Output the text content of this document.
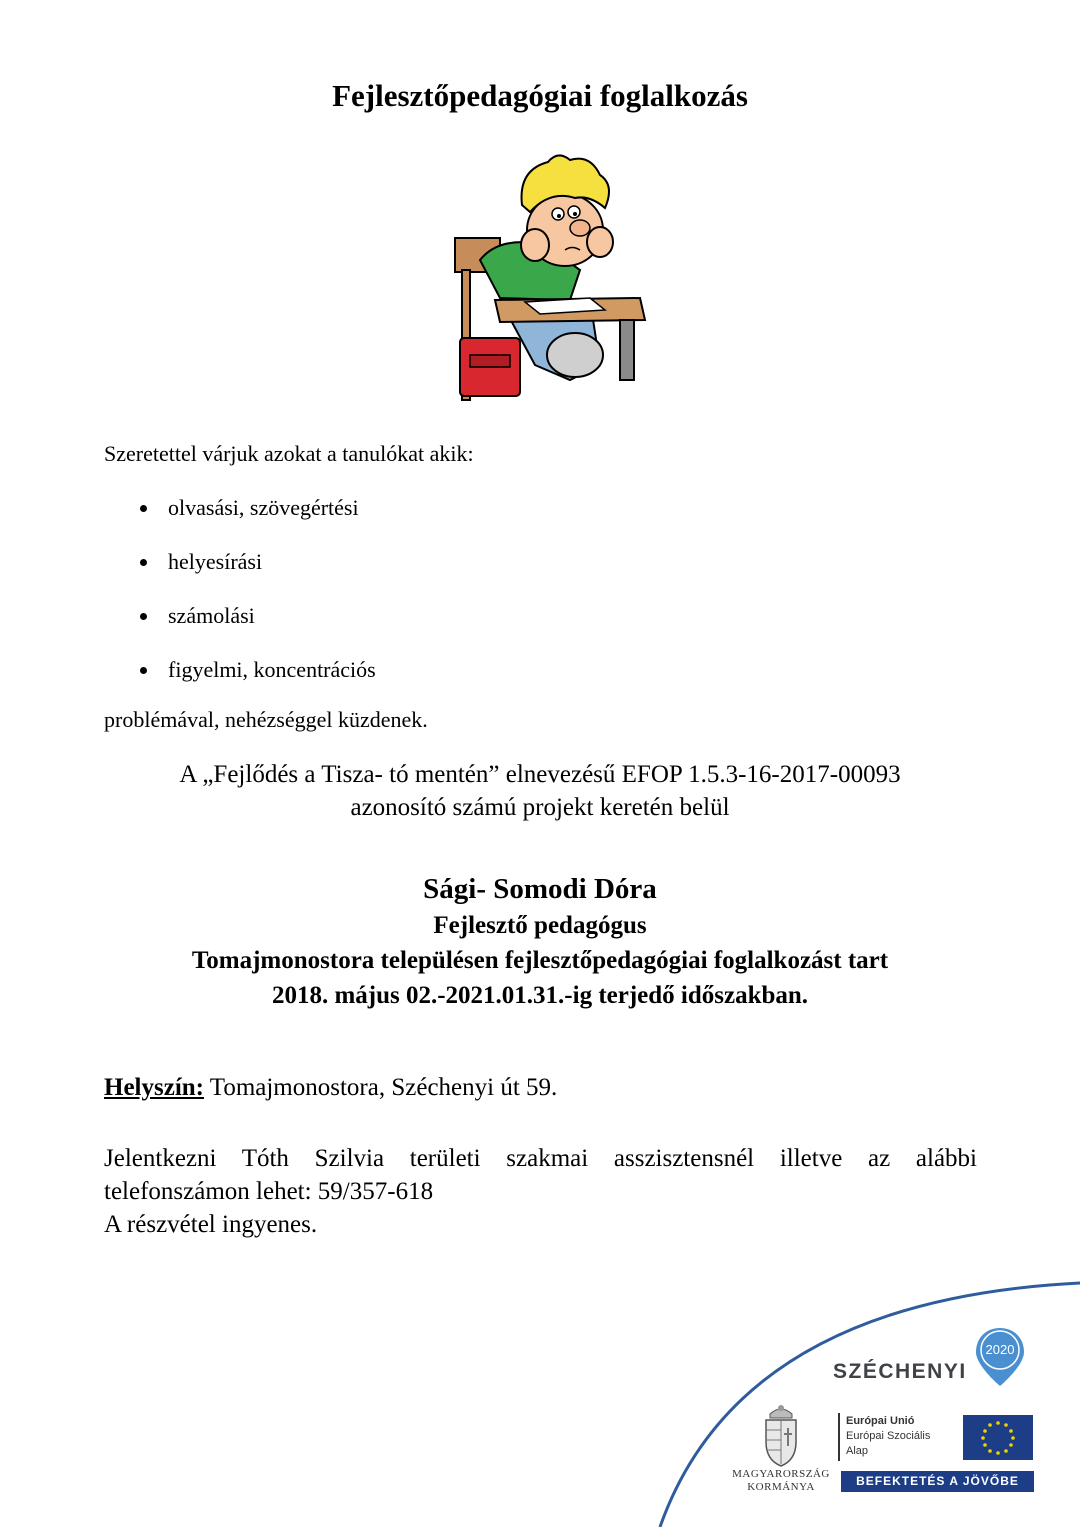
Fejlesztőpedagógiai foglalkozás

Szeretettel várjuk azokat a tanulókat akik:

olvasási, szövegértési
helyesírási
számolási
figyelmi, koncentrációs

problémával, nehézséggel küzdenek.

A „Fejlődés a Tisza- tó mentén” elnevezésű EFOP 1.5.3-16-2017-00093
azonosító számú projekt keretén belül
Sági- Somodi Dóra
Fejlesztő pedagógus
Tomajmonostora településen fejlesztőpedagógiai foglalkozást tart
2018. május 02.-2021.01.31.-ig terjedő időszakban.

Helyszín: Tomajmonostora, Széchenyi út 59.

Jelentkezni Tóth Szilvia területi szakmai asszisztensnél illetve az alábbi
telefonszámon lehet: 59/357-618
A részvétel ingyenes.
SZÉCHENYI
2020
MAGYARORSZÁG
KORMÁNYA
Európai Unió
Európai Szociális
Alap
BEFEKTETÉS A JÖVŐBE
